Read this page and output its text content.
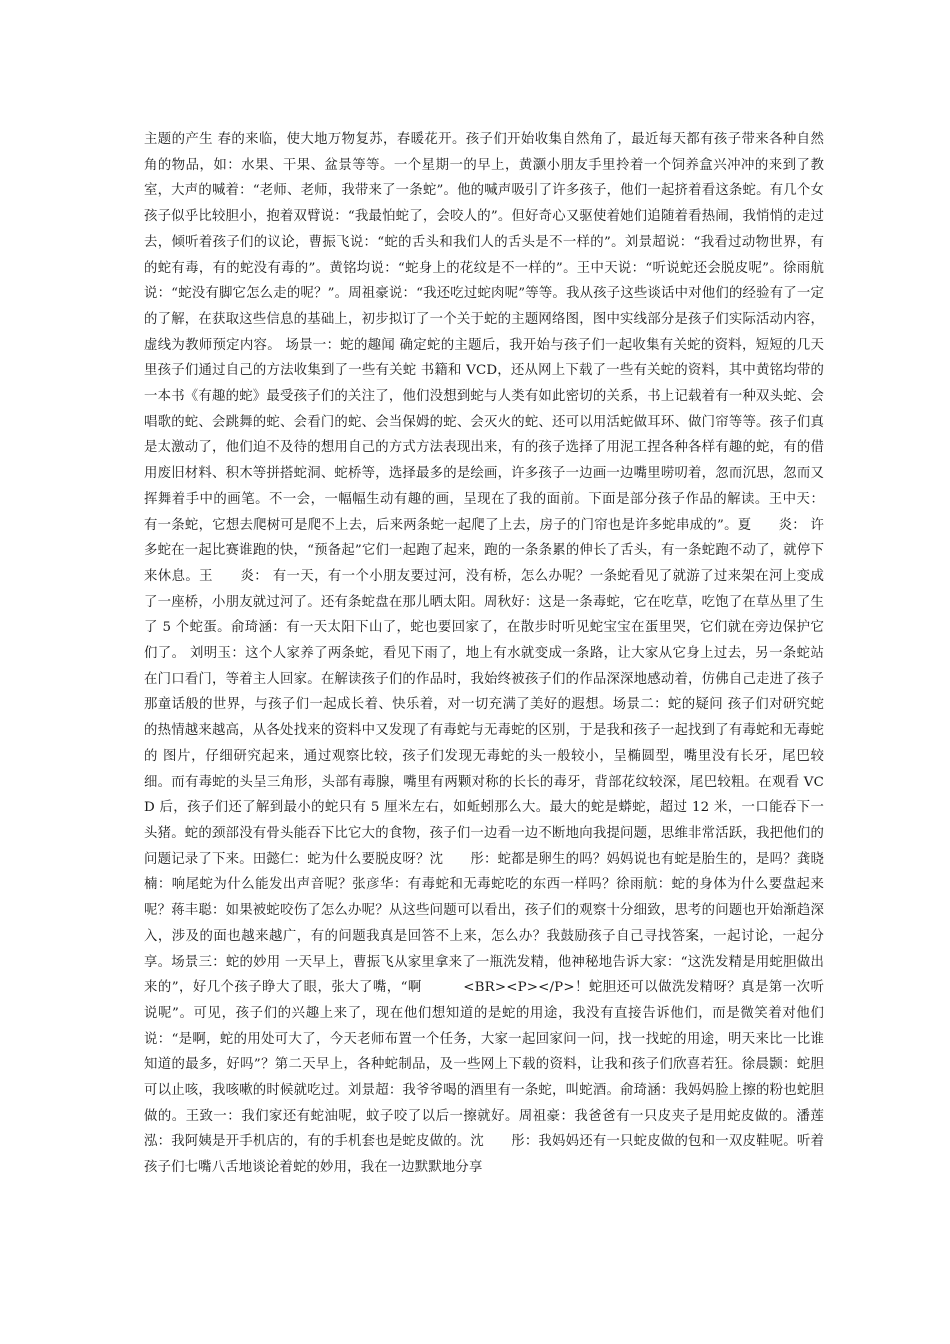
主题的产生 春的来临，使大地万物复苏，春暖花开。孩子们开始收集自然角了，最近每天都有孩子带来各种自然角的物品，如：水果、干果、盆景等等。一个星期一的早上，黄灏小朋友手里拎着一个饲养盒兴冲冲的来到了教室，大声的喊着：“老师、老师，我带来了一条蛇”。他的喊声吸引了许多孩子，他们一起挤着看这条蛇。有几个女孩子似乎比较胆小，抱着双臂说：“我最怕蛇了，会咬人的”。但好奇心又驱使着她们追随着看热闹，我悄悄的走过去，倾听着孩子们的议论，曹振飞说：“蛇的舌头和我们人的舌头是不一样的”。刘景超说：“我看过动物世界，有的蛇有毒，有的蛇没有毒的”。黄铭均说：“蛇身上的花纹是不一样的”。王中天说：“听说蛇还会脱皮呢”。徐雨航说：“蛇没有脚它怎么走的呢？”。周祖豪说：“我还吃过蛇肉呢”等等。我从孩子这些谈话中对他们的经验有了一定的了解，在获取这些信息的基础上，初步拟订了一个关于蛇的主题网络图，图中实线部分是孩子们实际活动内容，虚线为教师预定内容。 场景一：蛇的趣闻 确定蛇的主题后，我开始与孩子们一起收集有关蛇的资料，短短的几天里孩子们通过自己的方法收集到了一些有关蛇 书籍和 VCD，还从网上下载了一些有关蛇的资料，其中黄铭均带的一本书《有趣的蛇》最受孩子们的关注了，他们没想到蛇与人类有如此密切的关系，书上记载着有一种双头蛇、会唱歌的蛇、会跳舞的蛇、会看门的蛇、会当保姆的蛇、会灭火的蛇、还可以用活蛇做耳环、做门帘等等。孩子们真是太激动了，他们迫不及待的想用自己的方式方法表现出来，有的孩子选择了用泥工捏各种各样有趣的蛇，有的借用废旧材料、积木等拼搭蛇洞、蛇桥等，选择最多的是绘画，许多孩子一边画一边嘴里唠叨着，忽而沉思，忽而又挥舞着手中的画笔。不一会，一幅幅生动有趣的画，呈现在了我的面前。下面是部分孩子作品的解读。王中天： 有一条蛇，它想去爬树可是爬不上去，后来两条蛇一起爬了上去，房子的门帘也是许多蛇串成的”。夏　　炎： 许多蛇在一起比赛谁跑的快，“预备起”它们一起跑了起来，跑的一条条累的伸长了舌头，有一条蛇跑不动了，就停下来休息。王　　炎： 有一天，有一个小朋友要过河，没有桥，怎么办呢？一条蛇看见了就游了过来架在河上变成了一座桥，小朋友就过河了。还有条蛇盘在那儿晒太阳。周秋好：这是一条毒蛇，它在吃草，吃饱了在草丛里了生了 5 个蛇蛋。俞琦涵：有一天太阳下山了，蛇也要回家了，在散步时听见蛇宝宝在蛋里哭，它们就在旁边保护它们了。 刘明玉：这个人家养了两条蛇，看见下雨了，地上有水就变成一条路，让大家从它身上过去，另一条蛇站在门口看门，等着主人回家。在解读孩子们的作品时，我始终被孩子们的作品深深地感动着，仿佛自己走进了孩子那童话般的世界，与孩子们一起成长着、快乐着，对一切充满了美好的遐想。场景二：蛇的疑问 孩子们对研究蛇的热情越来越高，从各处找来的资料中又发现了有毒蛇与无毒蛇的区别，于是我和孩子一起找到了有毒蛇和无毒蛇的 图片，仔细研究起来，通过观察比较，孩子们发现无毒蛇的头一般较小，呈椭圆型，嘴里没有长牙，尾巴较细。而有毒蛇的头呈三角形，头部有毒腺，嘴里有两颗对称的长长的毒牙，背部花纹较深，尾巴较粗。在观看 VCD 后，孩子们还了解到最小的蛇只有 5 厘米左右，如蚯蚓那么大。最大的蛇是蟒蛇，超过 12 米，一口能吞下一头猪。蛇的颈部没有骨头能吞下比它大的食物，孩子们一边看一边不断地向我提问题，思维非常活跃，我把他们的问题记录了下来。田懿仁：蛇为什么要脱皮呀？沈　　彤：蛇都是卵生的吗？妈妈说也有蛇是胎生的，是吗？龚晓楠：响尾蛇为什么能发出声音呢？张彦华：有毒蛇和无毒蛇吃的东西一样吗？徐雨航：蛇的身体为什么要盘起来呢？蒋丰聪：如果被蛇咬伤了怎么办呢？从这些问题可以看出，孩子们的观察十分细致，思考的问题也开始渐趋深入，涉及的面也越来越广，有的问题我真是回答不上来，怎么办？我鼓励孩子自己寻找答案，一起讨论，一起分享。场景三：蛇的妙用 一天早上，曹振飞从家里拿来了一瓶洗发精，他神秘地告诉大家：“这洗发精是用蛇胆做出来的”，好几个孩子睁大了眼，张大了嘴，“啊　　　<BR><P></P>！蛇胆还可以做洗发精呀？真是第一次听说呢”。可见，孩子们的兴趣上来了，现在他们想知道的是蛇的用途，我没有直接告诉他们，而是微笑着对他们说：“是啊，蛇的用处可大了，今天老师布置一个任务，大家一起回家问一问，找一找蛇的用途，明天来比一比谁知道的最多，好吗”？第二天早上，各种蛇制品，及一些网上下载的资料，让我和孩子们欣喜若狂。徐晨颢：蛇胆可以止咳，我咳嗽的时候就吃过。刘景超：我爷爷喝的酒里有一条蛇，叫蛇酒。俞琦涵：我妈妈脸上擦的粉也蛇胆做的。王致一：我们家还有蛇油呢，蚊子咬了以后一擦就好。周祖豪：我爸爸有一只皮夹子是用蛇皮做的。潘莲泓：我阿姨是开手机店的，有的手机套也是蛇皮做的。沈　　彤：我妈妈还有一只蛇皮做的包和一双皮鞋呢。听着孩子们七嘴八舌地谈论着蛇的妙用，我在一边默默地分享
